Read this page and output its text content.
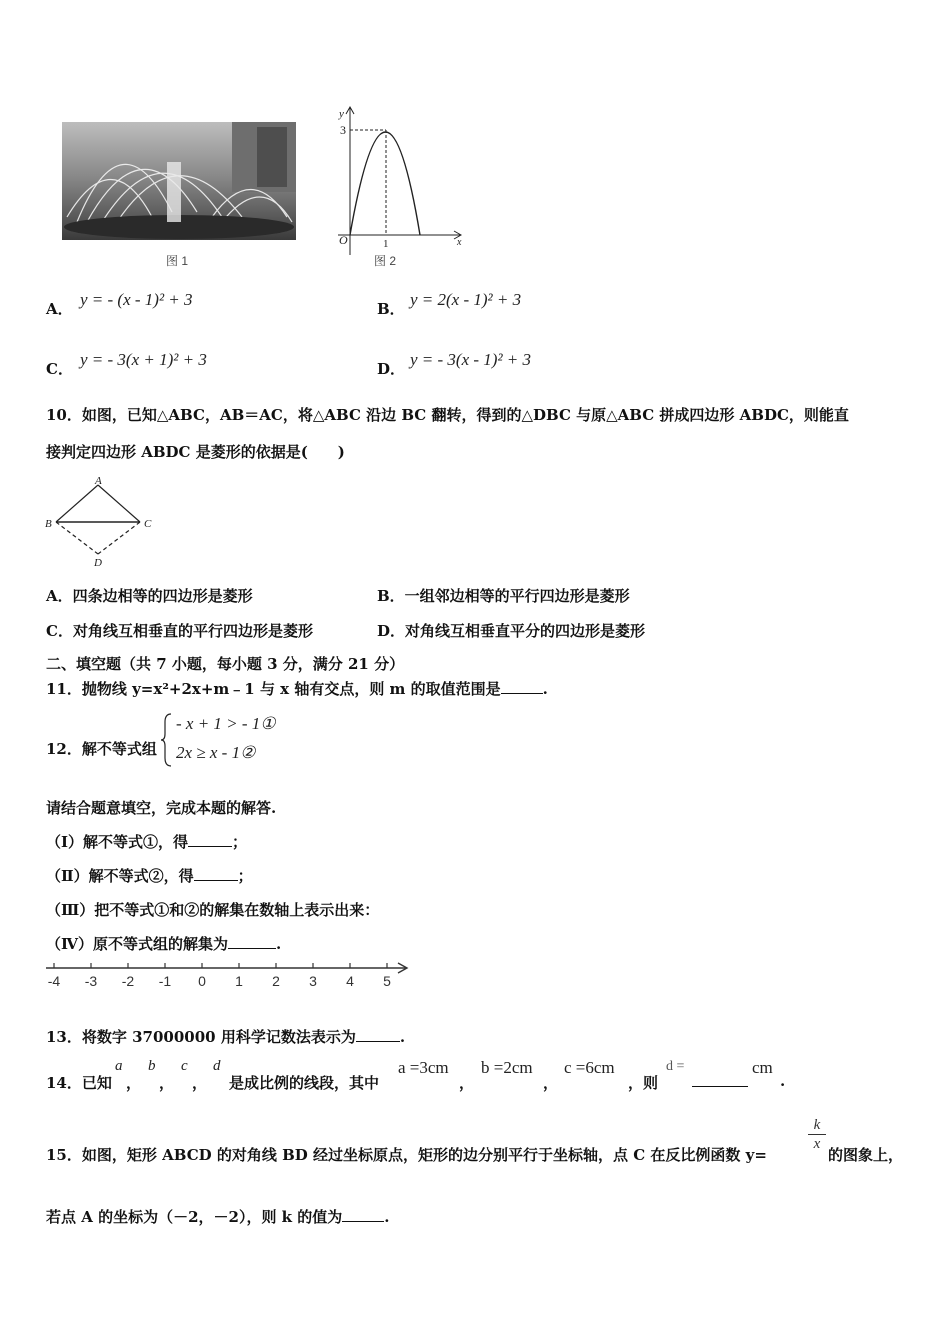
图 1
y
x
O
3
1
图 2
A． y = - (x - 1)² + 3	B． y = 2(x - 1)² + 3
C． y = - 3(x + 1)² + 3	D． y = - 3(x - 1)² + 3
10．如图，已知△ABC，AB＝AC，将△ABC 沿边 BC 翻转，得到的△DBC 与原△ABC 拼成四边形 ABDC，则能直
接判定四边形 ABDC 是菱形的依据是(　　)
A
B	C
D
A．四条边相等的四边形是菱形	B．一组邻边相等的平行四边形是菱形
C．对角线互相垂直的平行四边形是菱形	D．对角线互相垂直平分的四边形是菱形
二、填空题（共 7 小题，每小题 3 分，满分 21 分）
11．抛物线 y=x²+2x+m﹣1 与 x 轴有交点，则 m 的取值范围是	.
12．解不等式组
- x + 1 > - 1①
2x ≥ x - 1②
请结合题意填空，完成本题的解答.
（Ⅰ）解不等式①，得	；
（Ⅱ）解不等式②，得	；
（Ⅲ）把不等式①和②的解集在数轴上表示出来：
（Ⅳ）原不等式组的解集为	.
-4 -3 -2 -1 0 1 2 3 4 5
13．将数字 37000000 用科学记数法表示为	.
14．已知
a
，
b
，
c
，
d
是成比例的线段，其中
a =3cm
，
b =2cm
，
c =6cm
，则
d =	cm
.
15．如图，矩形 ABCD 的对角线 BD 经过坐标原点，矩形的边分别平行于坐标轴，点 C 在反比例函数 y=
k
x
的图象上，
若点 A 的坐标为（－2，－2），则 k 的值为	.
